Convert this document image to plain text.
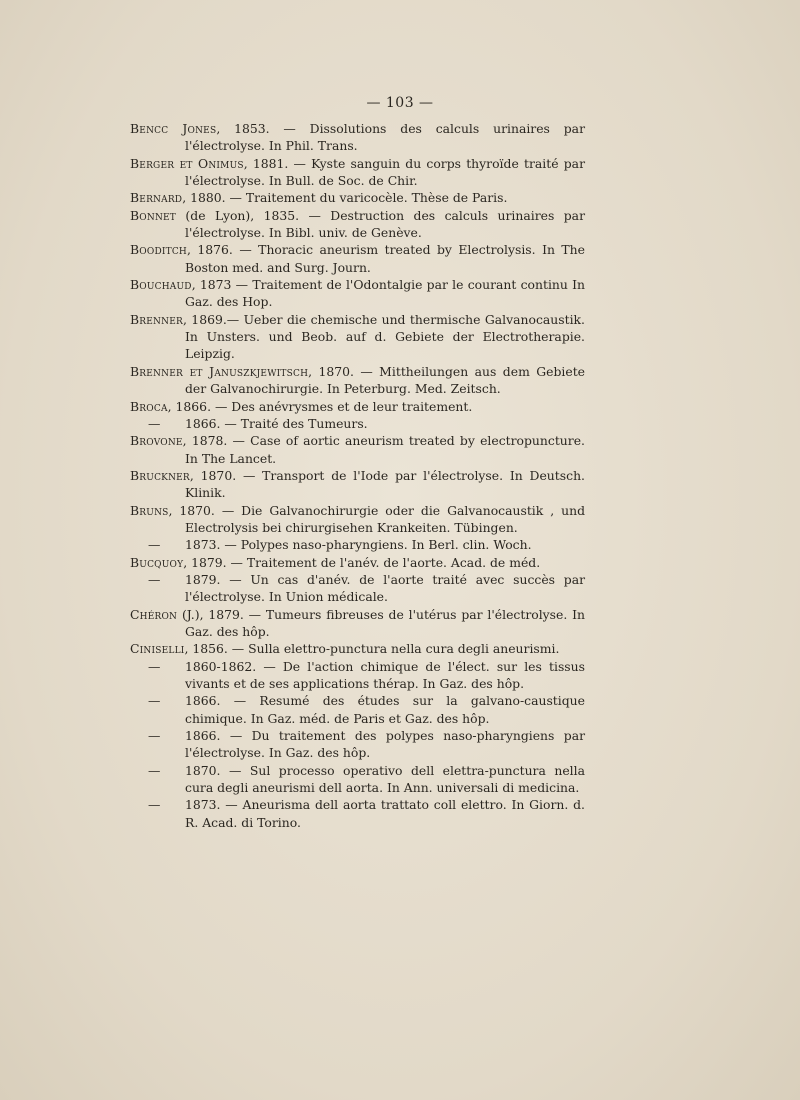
— 103 —
Bencc Jones, 1853. — Dissolutions des calculs urinaires par l'électrolyse. In Phil. Trans.
Berger et Onimus, 1881. — Kyste sanguin du corps thyroïde traité par l'électrolyse. In Bull. de Soc. de Chir.
Bernard, 1880. — Traitement du varicocèle. Thèse de Paris.
Bonnet (de Lyon), 1835. — Destruction des calculs urinaires par l'électrolyse. In Bibl. univ. de Genève.
Booditch, 1876. — Thoracic aneurism treated by Electrolysis. In The Boston med. and Surg. Journ.
Bouchaud, 1873 — Traitement de l'Odontalgie par le courant continu In Gaz. des Hop.
Brenner, 1869.— Ueber die chemische und thermische Galvanocaustik. In Unsters. und Beob. auf d. Gebiete der Electrotherapie. Leipzig.
Brenner et Januszkjewitsch, 1870. — Mittheilungen aus dem Gebiete der Galvanochirurgie. In Peterburg. Med. Zeitsch.
Broca, 1866. — Des anévrysmes et de leur traitement.
— 1866. — Traité des Tumeurs.
Brovone, 1878. — Case of aortic aneurism treated by electropuncture. In The Lancet.
Bruckner, 1870. — Transport de l'Iode par l'électrolyse. In Deutsch. Klinik.
Bruns, 1870. — Die Galvanochirurgie oder die Galvanocaustik , und Electrolysis bei chirurgisehen Krankeiten. Tübingen.
— 1873. — Polypes naso-pharyngiens. In Berl. clin. Woch.
Bucquoy, 1879. — Traitement de l'anév. de l'aorte. Acad. de méd.
— 1879. — Un cas d'anév. de l'aorte traité avec succès par l'électrolyse. In Union médicale.
Chéron (J.), 1879. — Tumeurs fibreuses de l'utérus par l'électrolyse. In Gaz. des hôp.
Ciniselli, 1856. — Sulla elettro-punctura nella cura degli aneurismi.
— 1860-1862. — De l'action chimique de l'élect. sur les tissus vivants et de ses applications thérap. In Gaz. des hôp.
— 1866. — Resumé des études sur la galvano-caustique chimique. In Gaz. méd. de Paris et Gaz. des hôp.
— 1866. — Du traitement des polypes naso-pharyngiens par l'électrolyse. In Gaz. des hôp.
— 1870. — Sul processo operativo dell elettra-punctura nella cura degli aneurismi dell aorta. In Ann. universali di medicina.
— 1873. — Aneurisma dell aorta trattato coll elettro. In Giorn. d. R. Acad. di Torino.
